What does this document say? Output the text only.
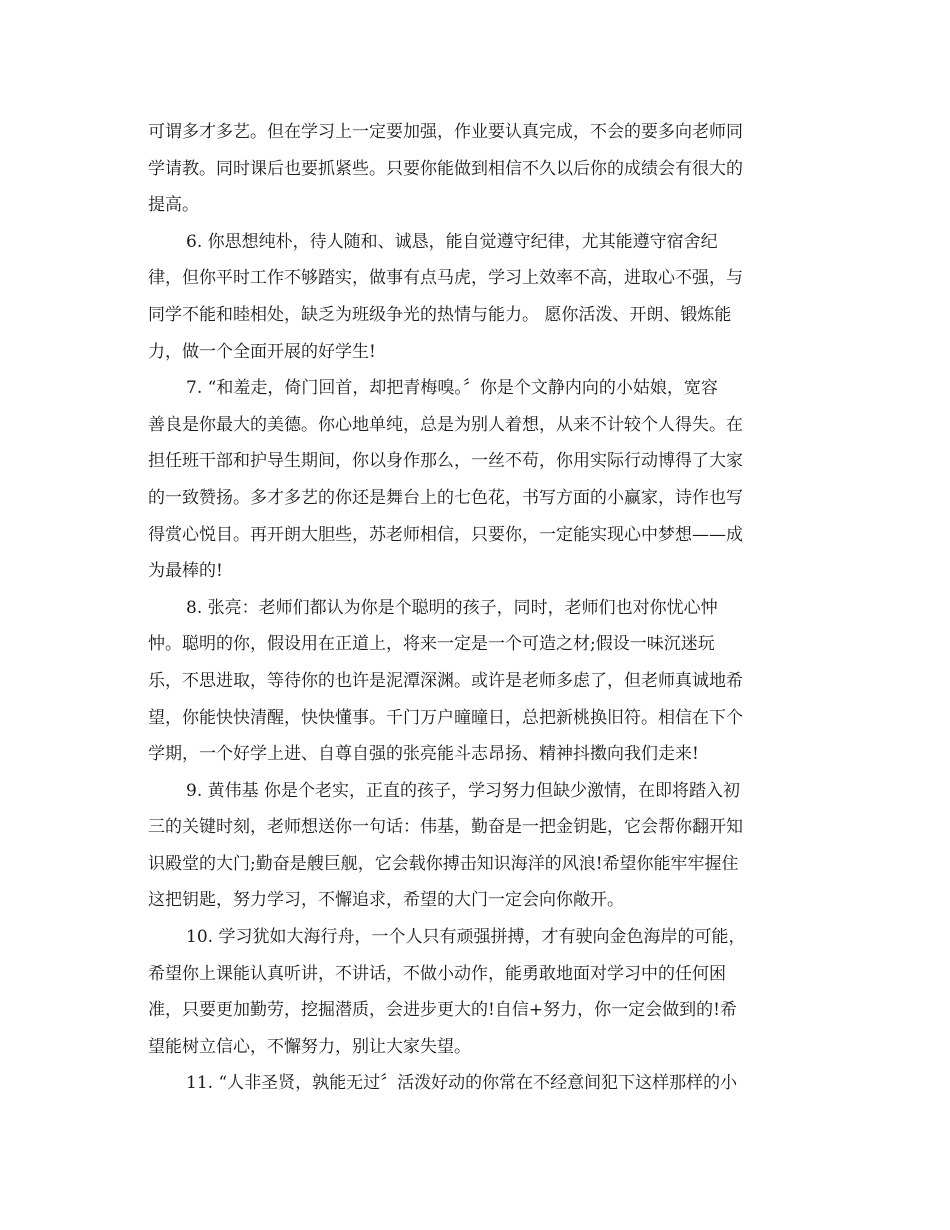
可谓多才多艺。但在学习上一定要加强，作业要认真完成，不会的要多向老师同
学请教。同时课后也要抓紧些。只要你能做到相信不久以后你的成绩会有很大的
提高。
6. 你思想纯朴，待人随和、诚恳，能自觉遵守纪律，尤其能遵守宿舍纪
律，但你平时工作不够踏实，做事有点马虎，学习上效率不高，进取心不强，与
同学不能和睦相处，缺乏为班级争光的热情与能力。 愿你活泼、开朗、锻炼能
力，做一个全面开展的好学生!
7. “和羞走，倚门回首，却把青梅嗅。〞你是个文静内向的小姑娘，宽容
善良是你最大的美德。你心地单纯，总是为别人着想，从来不计较个人得失。在
担任班干部和护导生期间，你以身作那么，一丝不苟，你用实际行动博得了大家
的一致赞扬。多才多艺的你还是舞台上的七色花，书写方面的小赢家，诗作也写
得赏心悦目。再开朗大胆些，苏老师相信，只要你，一定能实现心中梦想——成
为最棒的!
8. 张亮：老师们都认为你是个聪明的孩子，同时，老师们也对你忧心忡
忡。聪明的你，假设用在正道上，将来一定是一个可造之材;假设一味沉迷玩
乐，不思进取，等待你的也许是泥潭深渊。或许是老师多虑了，但老师真诚地希
望，你能快快清醒，快快懂事。千门万户曈曈日，总把新桃换旧符。相信在下个
学期，一个好学上进、自尊自强的张亮能斗志昂扬、精神抖擞向我们走来!
9. 黄伟基 你是个老实，正直的孩子，学习努力但缺少激情，在即将踏入初
三的关键时刻，老师想送你一句话：伟基，勤奋是一把金钥匙，它会帮你翻开知
识殿堂的大门;勤奋是艘巨舰，它会载你搏击知识海洋的风浪!希望你能牢牢握住
这把钥匙，努力学习，不懈追求，希望的大门一定会向你敞开。
10. 学习犹如大海行舟，一个人只有顽强拼搏，才有驶向金色海岸的可能，
希望你上课能认真听讲，不讲话，不做小动作，能勇敢地面对学习中的任何困
准，只要更加勤劳，挖掘潜质，会进步更大的!自信+努力，你一定会做到的!希
望能树立信心，不懈努力，别让大家失望。
11. “人非圣贤，孰能无过〞活泼好动的你常在不经意间犯下这样那样的小
